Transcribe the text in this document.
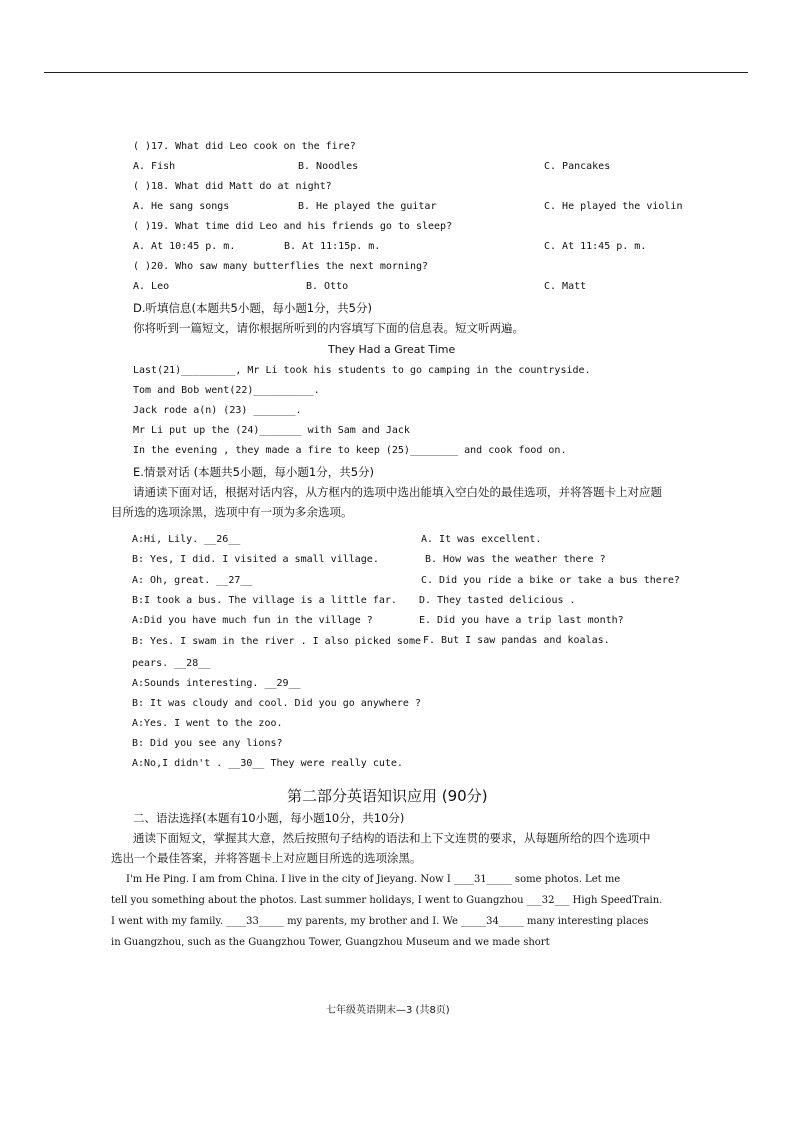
( )17. What did Leo cook on the fire?
A. Fish	B. Noodles	C. Pancakes
( )18. What did Matt do at night?
A. He sang songs	B. He played the guitar	C. He played the violin
( )19. What time did Leo and his friends go to sleep?
A. At 10:45 p. m.	B. At 11:15p. m.	C. At 11:45 p. m.
( )20. Who saw many butterflies the next morning?
A. Leo	B. Otto	C. Matt
D.听填信息(本题共5小题，每小题1分，共5分)
你将听到一篇短文，请你根据所听到的内容填写下面的信息表。短文听两遍。
They Had a Great Time
Last(21)_________, Mr Li took his students to go camping in the countryside.
Tom and Bob went(22)__________.
Jack rode a(n) (23) _______.
Mr Li put up the (24)_______ with Sam and Jack
In the evening , they made a fire to keep (25)________ and cook food on.
E.情景对话 (本题共5小题，每小题1分，共5分)
请通读下面对话，根据对话内容，从方框内的选项中选出能填入空白处的最佳选项，并将答题卡上对应题
目所选的选项涂黑，选项中有一项为多余选项。
A:Hi, Lily. __26__
B: Yes, I did. I visited a small village.
A: Oh, great. __27__
B:I took a bus. The village is a little far.
A:Did you have much fun in the village ?
B: Yes. I swam in the river . I also picked some
pears. __28__
A:Sounds interesting. __29__
B: It was cloudy and cool. Did you go anywhere ?
A:Yes. I went to the zoo.
B: Did you see any lions?
A:No,I didn't . __30__ They were really cute.
A. It was excellent.
B. How was the weather there ?
C. Did you ride a bike or take a bus there?
D. They tasted delicious .
E. Did you have a trip last month?
F. But I saw pandas and koalas.
第二部分英语知识应用 (90分)
二、语法选择(本题有10小题，每小题10分，共10分)
通读下面短文，掌握其大意，然后按照句子结构的语法和上下文连贯的要求，从每题所给的四个选项中
选出一个最佳答案，并将答题卡上对应题目所选的选项涂黑。
I'm He Ping. I am from China. I live in the city of Jieyang. Now I ____31_____ some photos. Let me
tell you something about the photos. Last summer holidays, I went to Guangzhou ___32___ High SpeedTrain.
I went with my family. ____33_____ my parents, my brother and I. We _____34_____ many interesting places
in Guangzhou, such as the Guangzhou Tower, Guangzhou Museum and we made short
七年级英语期末—3 (共8页)
